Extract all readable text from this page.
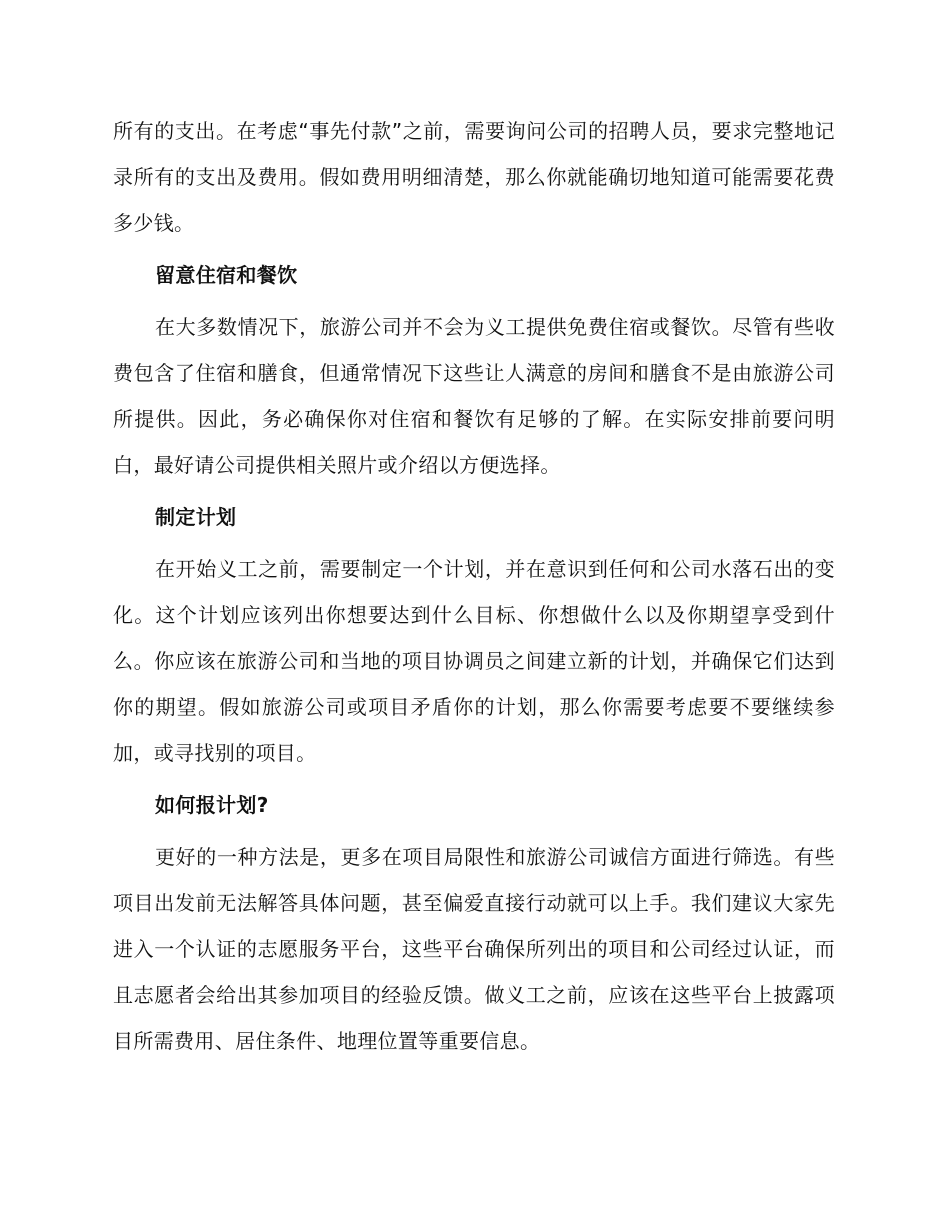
所有的支出。在考虑“事先付款”之前，需要询问公司的招聘人员，要求完整地记录所有的支出及费用。假如费用明细清楚，那么你就能确切地知道可能需要花费多少钱。

留意住宿和餐饮

在大多数情况下，旅游公司并不会为义工提供免费住宿或餐饮。尽管有些收费包含了住宿和膳食，但通常情况下这些让人满意的房间和膳食不是由旅游公司所提供。因此，务必确保你对住宿和餐饮有足够的了解。在实际安排前要问明白，最好请公司提供相关照片或介绍以方便选择。

制定计划

在开始义工之前，需要制定一个计划，并在意识到任何和公司水落石出的变化。这个计划应该列出你想要达到什么目标、你想做什么以及你期望享受到什么。你应该在旅游公司和当地的项目协调员之间建立新的计划，并确保它们达到你的期望。假如旅游公司或项目矛盾你的计划，那么你需要考虑要不要继续参加，或寻找别的项目。

如何报计划?

更好的一种方法是，更多在项目局限性和旅游公司诚信方面进行筛选。有些项目出发前无法解答具体问题，甚至偏爱直接行动就可以上手。我们建议大家先进入一个认证的志愿服务平台，这些平台确保所列出的项目和公司经过认证，而且志愿者会给出其参加项目的经验反馈。做义工之前，应该在这些平台上披露项目所需费用、居住条件、地理位置等重要信息。
